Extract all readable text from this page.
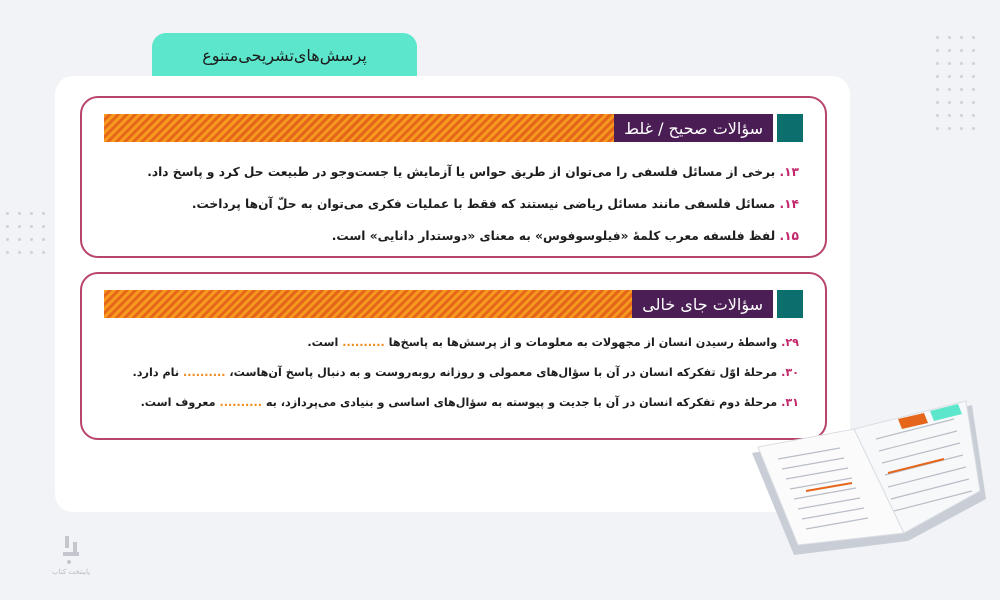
پرسش‌های‌تشریحی‌متنوع
سؤالات صحیح / غلط
۱۳. برخی از مسائل فلسفی را می‌توان از طریق حواس یا آزمایش یا جست‌وجو در طبیعت حل کرد و پاسخ داد.
۱۴. مسائل فلسفی مانند مسائل ریاضی نیستند که فقط با عملیات فکری می‌توان به حلّ آن‌ها پرداخت.
۱۵. لفظ فلسفه معرب کلمهٔ «فیلوسوفوس» به معنای «دوستدار دانایی» است.
سؤالات جای خالی
۲۹. واسطهٔ رسیدن انسان از مجهولات به معلومات و از پرسش‌ها به پاسخ‌ها .......... است.
۳۰. مرحلهٔ اوّل تفکرکه انسان در آن با سؤال‌های معمولی و روزانه روبه‌روست و به دنبال پاسخ آن‌هاست، .......... نام دارد.
۳۱. مرحلهٔ دوم تفکرکه انسان در آن با جدیت و پیوسته به سؤال‌های اساسی و بنیادی می‌پردازد، به .......... معروف است.
پاینتخت کتاب
